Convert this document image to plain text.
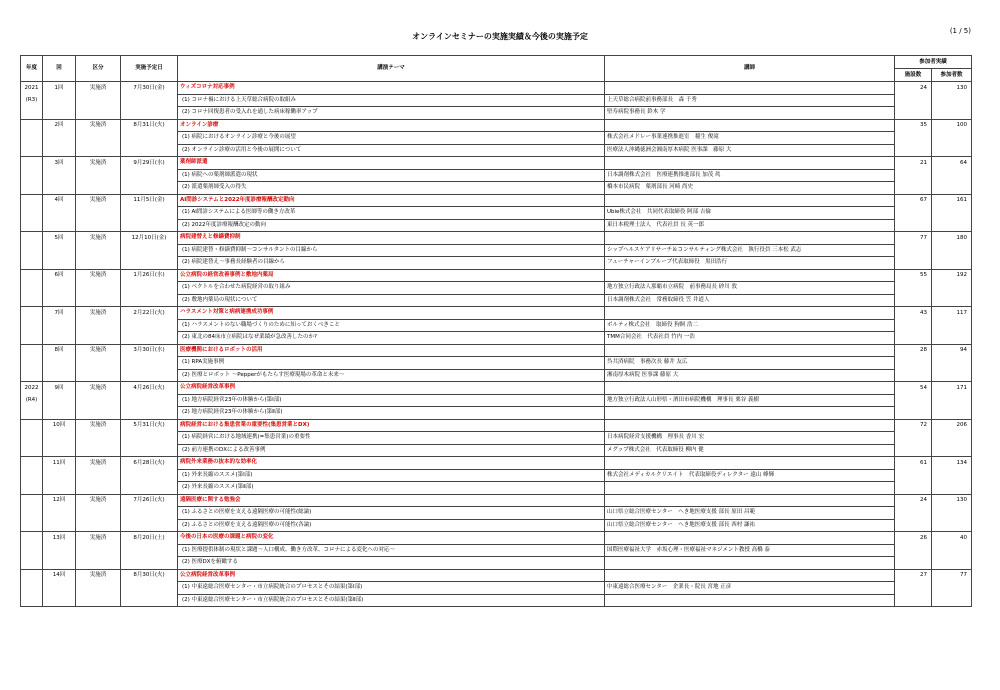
(1 / 5)
オンラインセミナーの実施実績＆今後の実施予定
年度	回	区分	実施予定日	講演テーマ	講師	参加者実績	
						施設数	参加者数
2021	1回	実施済	7月30日(金)	ウィズコロナ対応事例		24	130
(R3)				(1) コロナ禍における上天草総合病院の取組み	上天草総合病院前事務部長　森 千秀		
				(2) コロナ回復患者の受入れを通した病床稼働率アップ	堅寿病院事務長 鈴木 学		
	2回	実施済	8月31日(火)	オンライン診療		35	100
				(1) 病院におけるオンライン診療と今後の展望	株式会社メドレー事業連携推進室　稲生 俊滝		
				(2) オンライン診療の活用と今後の展開について	医療法人沖縄徳洲会湘南厚木病院 医事課　藤原 大		
	3回	実施済	9月29日(水)	薬剤師派遣		21	64
				(1) 病院への薬剤師派遣の現状	日本調剤株式会社　医療連携推進部長 加茂 眞		
				(2) 派遣薬剤師受入の得失	橋本市民病院　薬剤部長 河崎 尚史		
	4回	実施済	11月5日(金)	AI問診システムと2022年度診療報酬改定動向		67	161
				(1) AI問診システムによる医師等の働き方改革	Ubie株式会社　共同代表取締役 阿部 吉倫		
				(2) 2022年度診療報酬改定の動向	東日本税理士法人　代表社員 長 英一郎		
	5回	実施済	12月10日(金)	病院建替えと修繕費抑制		77	180
				(1) 病院建替・修繕費抑制～コンサルタントの目線から	シップヘルスケアリサーチ＆コンサルティング株式会社　執行役員 三本松 武志		
				(2) 病院建替え～事務長経験者の目線から	フューチャーインブループ代表取締役　黒田浩行		
	6回	実施済	1月26日(水)	公立病院の経営改善事例と敷地内薬局		55	192
				(1) ベクトルを合わせた病院経営の取り組み	地方独立行政法人那覇市立病院　前事務局長 砂川 敦		
				(2) 敷地内薬局の現状について	日本調剤株式会社　常務取締役 笠 井道人		
	7回	実施済	2月22日(火)	ハラスメント対策と病病連携成功事例		43	117
				(1) ハラスメントのない職場づくりのために知っておくべきこと	ボルティ株式会社　取締役 狗飼 浩二		
				(2) 東北の84床市立病院はなぜ業績が急改善したのか?	TMM合同会社　代表社員 竹内 一浩		
	8回	実施済	3月30日(水)	医療機関におけるロボットの活用		28	94
				(1) RPA実施事例	呉共済病院　事務次長 藤井 友広		
				(2) 医療とロボット ～Pepperがもたらす医療現場の革命と未来～	湘南厚木病院 医事課 藤原 大		
2022	9回	実施済	4月26日(火)	公立病院経営改革事例		54	171
(R4)				(1) 地方病院経営23年の体験から(第Ⅰ部)	地方独立行政法人山形県・酒田市病院機構　理事長 栗谷 義樹		
				(2) 地方病院経営23年の体験から(第Ⅱ部)			
	10回	実施済	5月31日(火)	病院経営における集患営業の重要性(集患営業とDX)		72	206
				(1) 病院経営における地域連携(=集患営業)の重要性	日本病院経営支援機構　理事長 香川 宏		
				(2) 前方連携のDXによる改善事例	メグップ株式会社　代表取締役 柳内 健		
	11回	実施済	6月28日(火)	病院外来業務の抜本的な効率化		61	134
				(1) 外来長縮のススメ(第Ⅰ部)	株式会社メディカルクリエイト　代表取締役ディレクター 遠山 峰輝		
				(2) 外来長縮のススメ(第Ⅱ部)			
	12回	実施済	7月26日(火)	遠隔医療に関する勉強会		24	130
				(1) ふるさとの医療を支える遠隔医療の可能性(総論)	山口県立総合医療センター　へき地医療支援 部長 原田 昌範		
				(2) ふるさとの医療を支える遠隔医療の可能性(各論)	山口県立総合医療センター　へき地医療支援 部長 西村 謙祐		
	13回	実施済	8月20日(土)	今後の日本の医療の課題と病院の変化		26	40
				(1) 医療提供体制の現状と課題～人口構成、働き方改革、コロナによる変化への対応～	国際医療福祉大学　赤坂心理・医療福祉マネジメント教授 高橋 泰		
				(2) 医療DXを俯瞰する			
	14回	実施済	8月30日(火)	公立病院経営改革事例		27	77
				(1) 中東遠総合医療センター・市立病院統合のプロセスとその結果(第Ⅰ部)	中東遠総合医療センター　企業長・院長 宮地 正彦		
				(2) 中東遠総合医療センター・市立病院統合のプロセスとその結果(第Ⅱ部)			
